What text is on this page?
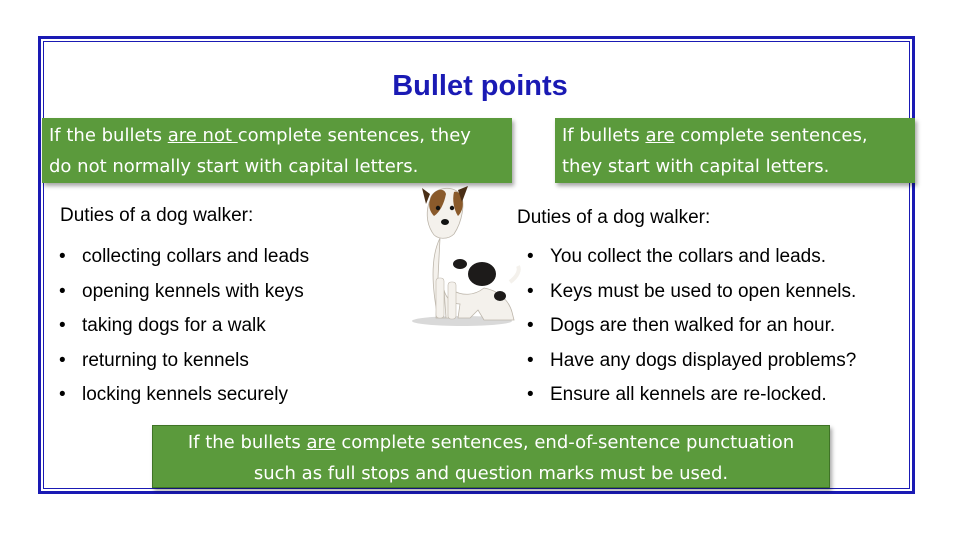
Bullet points
If the bullets are not complete sentences, they
do not normally start with capital letters.
If bullets are complete sentences,
they start with capital letters.
Duties of a dog walker:	Duties of a dog walker:
• collecting collars and leads
• opening kennels with keys
• taking dogs for a walk
• returning to kennels
• locking kennels securely
• You collect the collars and leads.
• Keys must be used to open kennels.
• Dogs are then walked for an hour.
• Have any dogs displayed problems?
• Ensure all kennels are re-locked.
If the bullets are complete sentences, end-of-sentence punctuation
such as full stops and question marks must be used.
